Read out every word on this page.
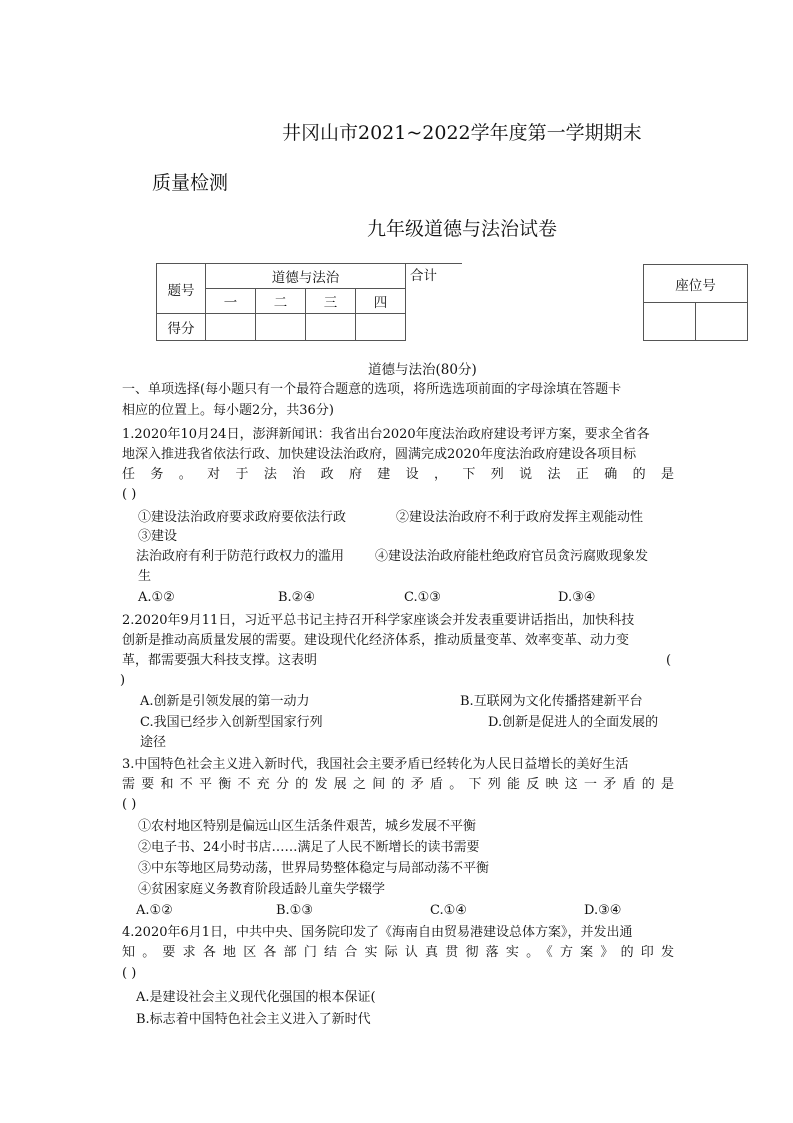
井冈山市2021~2022学年度第一学期期末
质量检测
九年级道德与法治试卷
题号	道德与法治				合计
	一	二	三	四	
得分					
座位号

道德与法治(80分)
一、单项选择(每小题只有一个最符合题意的选项，将所选选项前面的字母涂填在答题卡
相应的位置上。每小题2分，共36分)
1.2020年10月24日，澎湃新闻讯：我省出台2020年度法治政府建设考评方案，要求全省各
地深入推进我省依法行政、加快建设法治政府，圆满完成2020年度法治政府建设各项目标
任务。对于法治政府建设，下列说法正确的是
( )
①建设法治政府要求政府要依法行政	②建设法治政府不利于政府发挥主观能动性
③建设
法治政府有利于防范行政权力的滥用 ④建设法治政府能杜绝政府官员贪污腐败现象发
生
A.①②	B.②④	C.①③	D.③④
2.2020年9月11日，习近平总书记主持召开科学家座谈会并发表重要讲话指出，加快科技
创新是推动高质量发展的需要。建设现代化经济体系，推动质量变革、效率变革、动力变
革，都需要强大科技支撑。这表明	(
)
A.创新是引领发展的第一动力	B.互联网为文化传播搭建新平台
C.我国已经步入创新型国家行列	D.创新是促进人的全面发展的
途径
3.中国特色社会主义进入新时代，我国社会主要矛盾已经转化为人民日益增长的美好生活
需要和不平衡不充分的发展之间的矛盾。下列能反映这一矛盾的是
( )
①农村地区特别是偏远山区生活条件艰苦，城乡发展不平衡
②电子书、24小时书店……满足了人民不断增长的读书需要
③中东等地区局势动荡，世界局势整体稳定与局部动荡不平衡
④贫困家庭义务教育阶段适龄儿童失学辍学
A.①②	B.①③	C.①④	D.③④
4.2020年6月1日，中共中央、国务院印发了《海南自由贸易港建设总体方案》，并发出通
知。要求各地区各部门结合实际认真贯彻落实。《方案》的印发
( )
A.是建设社会主义现代化强国的根本保证(
B.标志着中国特色社会主义进入了新时代
